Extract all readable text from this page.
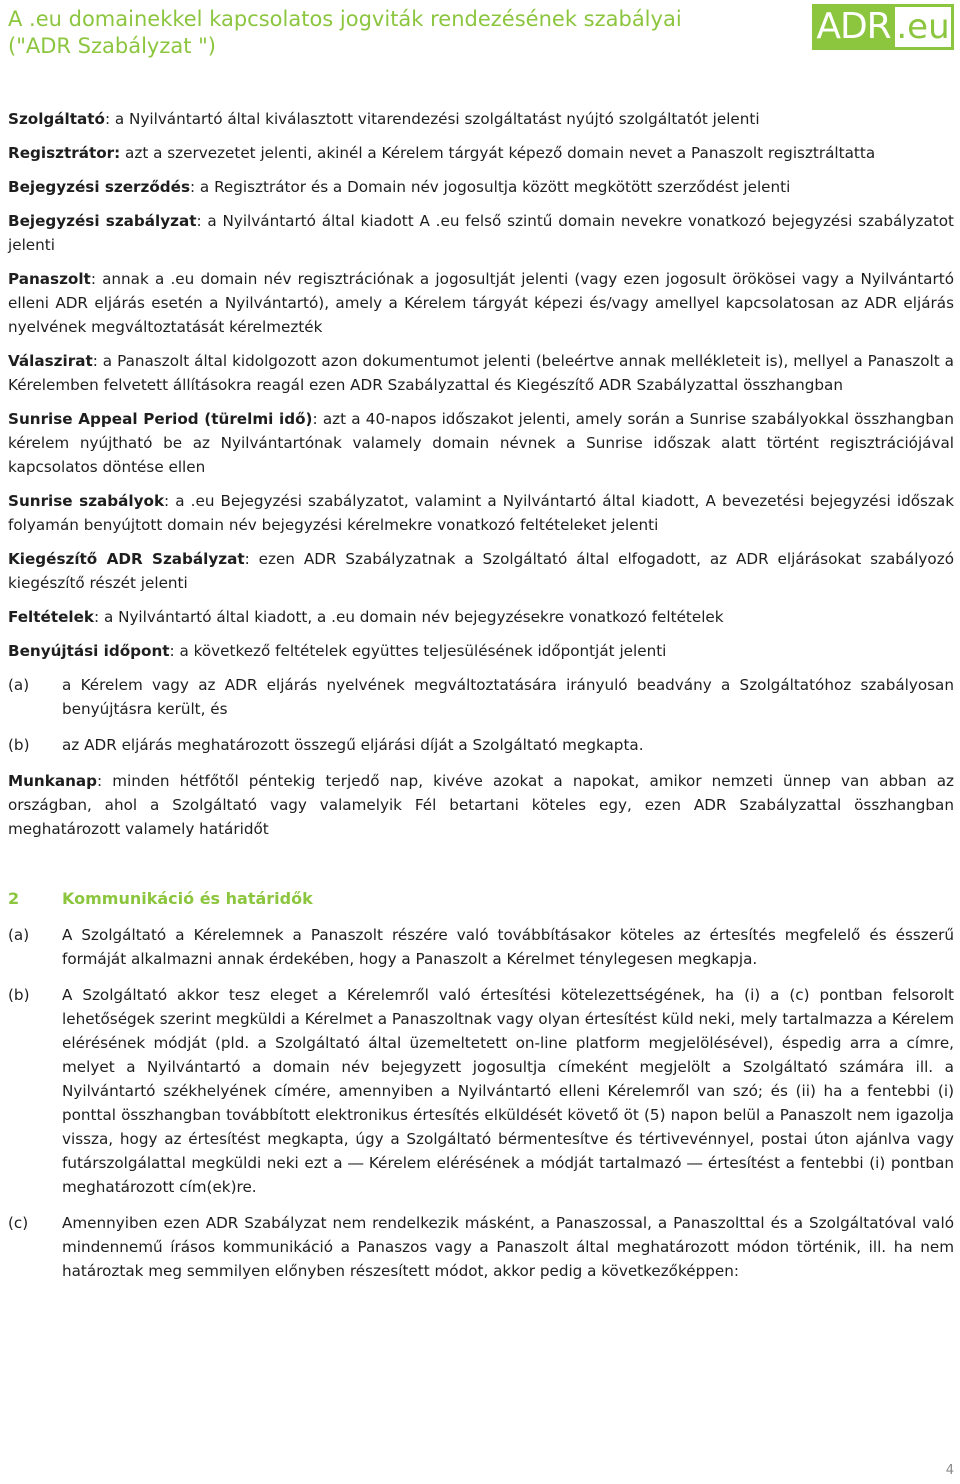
A .eu domainekkel kapcsolatos jogviták rendezésének szabályai
("ADR Szabályzat ")	ADR .eu

Szolgáltató: a Nyilvántartó által kiválasztott vitarendezési szolgáltatást nyújtó szolgáltatót jelenti

Regisztrátor: azt a szervezetet jelenti, akinél a Kérelem tárgyát képező domain nevet a Panaszolt regisztráltatta

Bejegyzési szerződés: a Regisztrátor és a Domain név jogosultja között megkötött szerződést jelenti

Bejegyzési szabályzat: a Nyilvántartó által kiadott A .eu felső szintű domain nevekre vonatkozó bejegyzési szabályzatot jelenti

Panaszolt: annak a .eu domain név regisztrációnak a jogosultját jelenti (vagy ezen jogosult örökösei vagy a Nyilvántartó elleni ADR eljárás esetén a Nyilvántartó), amely a Kérelem tárgyát képezi és/vagy amellyel kapcsolatosan az ADR eljárás nyelvének megváltoztatását kérelmezték

Válaszirat: a Panaszolt által kidolgozott azon dokumentumot jelenti (beleértve annak mellékleteit is), mellyel a Panaszolt a Kérelemben felvetett állításokra reagál ezen ADR Szabályzattal és Kiegészítő ADR Szabályzattal összhangban

Sunrise Appeal Period (türelmi idő): azt a 40-napos időszakot jelenti, amely során a Sunrise szabályokkal összhangban kérelem nyújtható be az Nyilvántartónak valamely domain névnek a Sunrise időszak alatt történt regisztrációjával kapcsolatos döntése ellen

Sunrise szabályok: a .eu Bejegyzési szabályzatot, valamint a Nyilvántartó által kiadott, A bevezetési bejegyzési időszak folyamán benyújtott domain név bejegyzési kérelmekre vonatkozó feltételeket jelenti

Kiegészítő ADR Szabályzat: ezen ADR Szabályzatnak a Szolgáltató által elfogadott, az ADR eljárásokat szabályozó kiegészítő részét jelenti

Feltételek: a Nyilvántartó által kiadott, a .eu domain név bejegyzésekre vonatkozó feltételek

Benyújtási időpont: a következő feltételek együttes teljesülésének időpontját jelenti

(a)	a Kérelem vagy az ADR eljárás nyelvének megváltoztatására irányuló beadvány a Szolgáltatóhoz szabályosan benyújtásra került, és
(b)	az ADR eljárás meghatározott összegű eljárási díját a Szolgáltató megkapta.

Munkanap: minden hétfőtől péntekig terjedő nap, kivéve azokat a napokat, amikor nemzeti ünnep van abban az országban, ahol a Szolgáltató vagy valamelyik Fél betartani köteles egy, ezen ADR Szabályzattal összhangban meghatározott valamely határidőt

2	Kommunikáció és határidők
(a)	A Szolgáltató a Kérelemnek a Panaszolt részére való továbbításakor köteles az értesítés megfelelő és ésszerű formáját alkalmazni annak érdekében, hogy a Panaszolt a Kérelmet ténylegesen megkapja.
(b)	A Szolgáltató akkor tesz eleget a Kérelemről való értesítési kötelezettségének, ha (i) a (c) pontban felsorolt lehetőségek szerint megküldi a Kérelmet a Panaszoltnak vagy olyan értesítést küld neki, mely tartalmazza a Kérelem elérésének módját (pld. a Szolgáltató által üzemeltetett on-line platform megjelölésével), éspedig arra a címre, melyet a Nyilvántartó a domain név bejegyzett jogosultja címeként megjelölt a Szolgáltató számára ill. a Nyilvántartó székhelyének címére, amennyiben a Nyilvántartó elleni Kérelemről van szó; és (ii) ha a fentebbi (i) ponttal összhangban továbbított elektronikus értesítés elküldését követő öt (5) napon belül a Panaszolt nem igazolja vissza, hogy az értesítést megkapta, úgy a Szolgáltató bérmentesítve és tértivevénnyel, postai úton ajánlva vagy futárszolgálattal megküldi neki ezt a ― Kérelem elérésének a módját tartalmazó ― értesítést a fentebbi (i) pontban meghatározott cím(ek)re.
(c)	Amennyiben ezen ADR Szabályzat nem rendelkezik másként, a Panaszossal, a Panaszolttal és a Szolgáltatóval való mindennemű írásos kommunikáció a Panaszos vagy a Panaszolt által meghatározott módon történik, ill. ha nem határoztak meg semmilyen előnyben részesített módot, akkor pedig a következőképpen:
4
